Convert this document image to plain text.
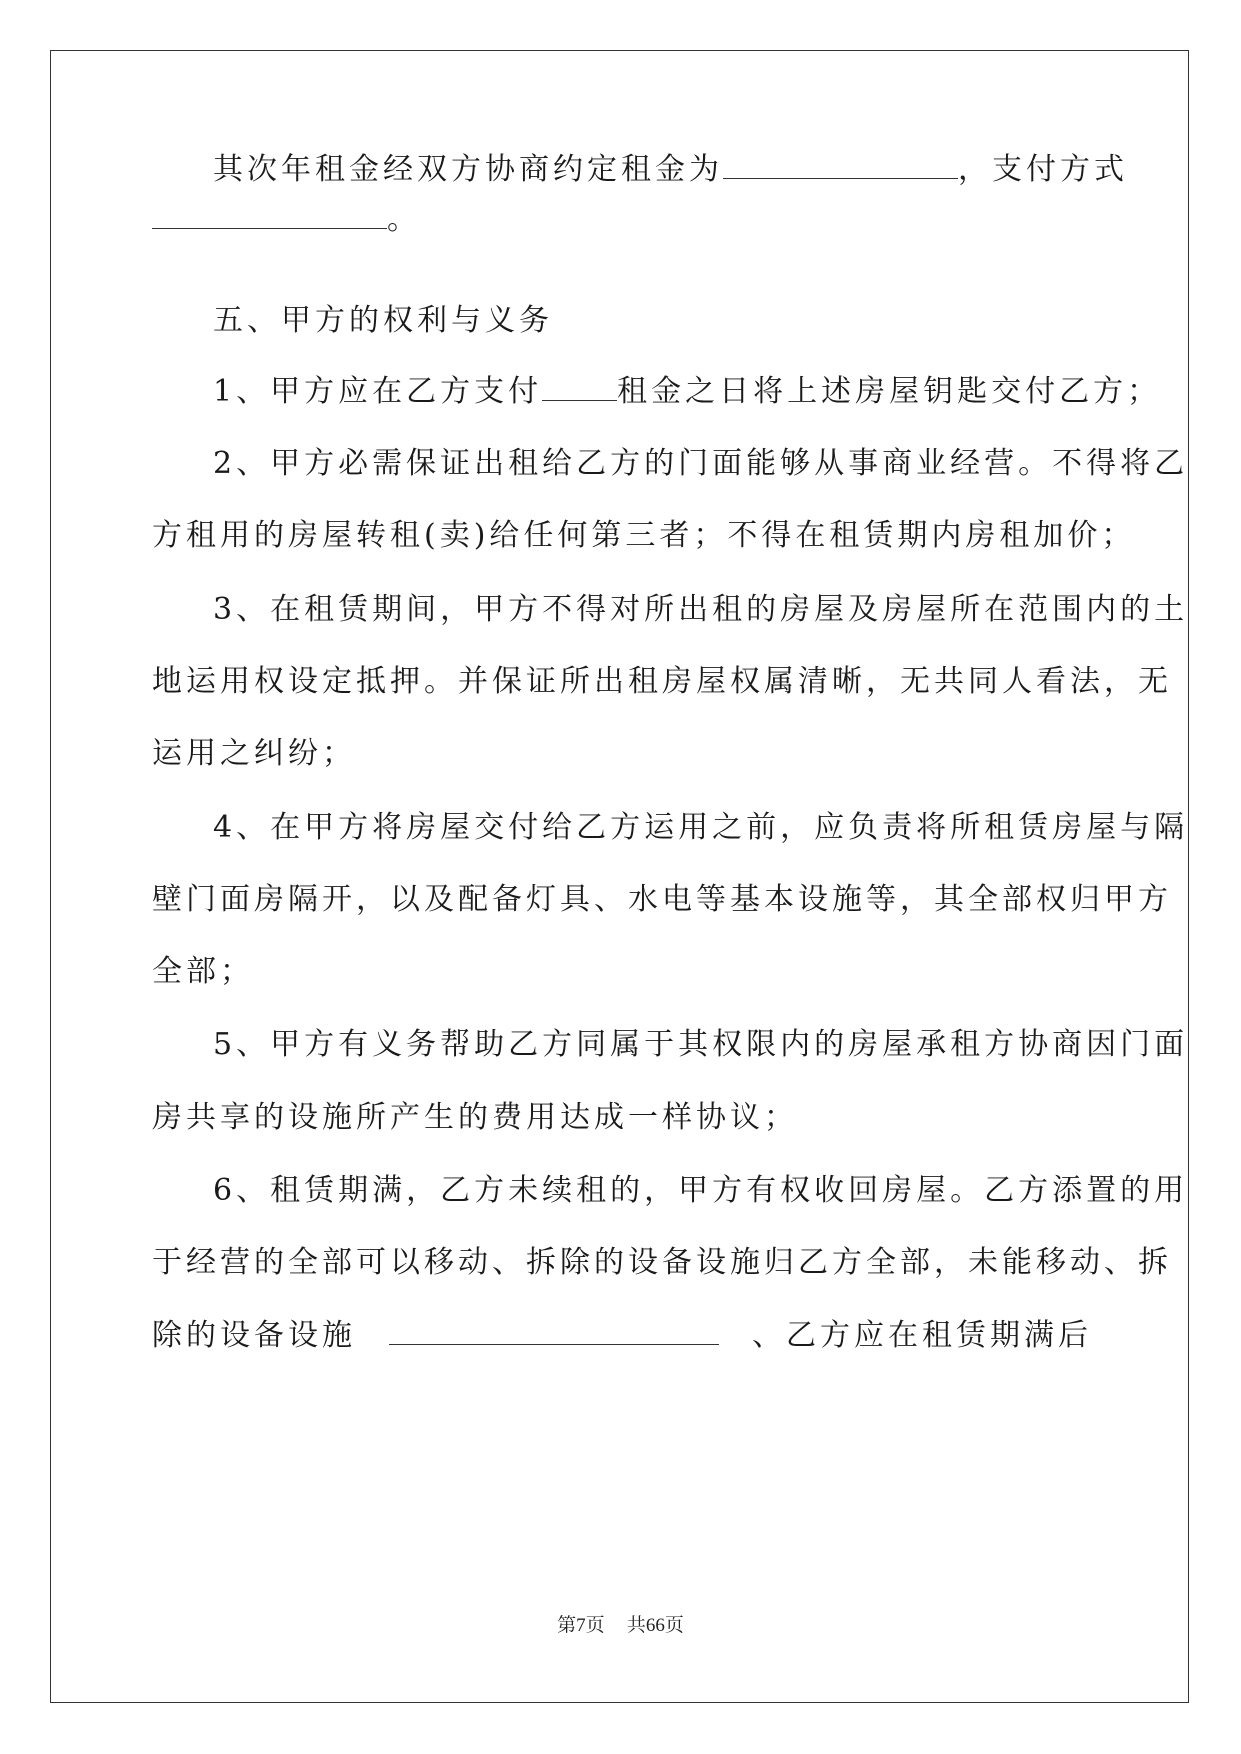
其次年租金经双方协商约定租金为	，支付方式
。
五、甲方的权利与义务
1、甲方应在乙方支付	租金之日将上述房屋钥匙交付乙方；
2、甲方必需保证出租给乙方的门面能够从事商业经营。不得将乙
方租用的房屋转租(卖)给任何第三者；不得在租赁期内房租加价；
3、在租赁期间，甲方不得对所出租的房屋及房屋所在范围内的土
地运用权设定抵押。并保证所出租房屋权属清晰，无共同人看法，无
运用之纠纷；
4、在甲方将房屋交付给乙方运用之前，应负责将所租赁房屋与隔
壁门面房隔开，以及配备灯具、水电等基本设施等，其全部权归甲方
全部；
5、甲方有义务帮助乙方同属于其权限内的房屋承租方协商因门面
房共享的设施所产生的费用达成一样协议；
6、租赁期满，乙方未续租的，甲方有权收回房屋。乙方添置的用
于经营的全部可以移动、拆除的设备设施归乙方全部，未能移动、拆
除的设备设施	、乙方应在租赁期满后
第7页 共66页
